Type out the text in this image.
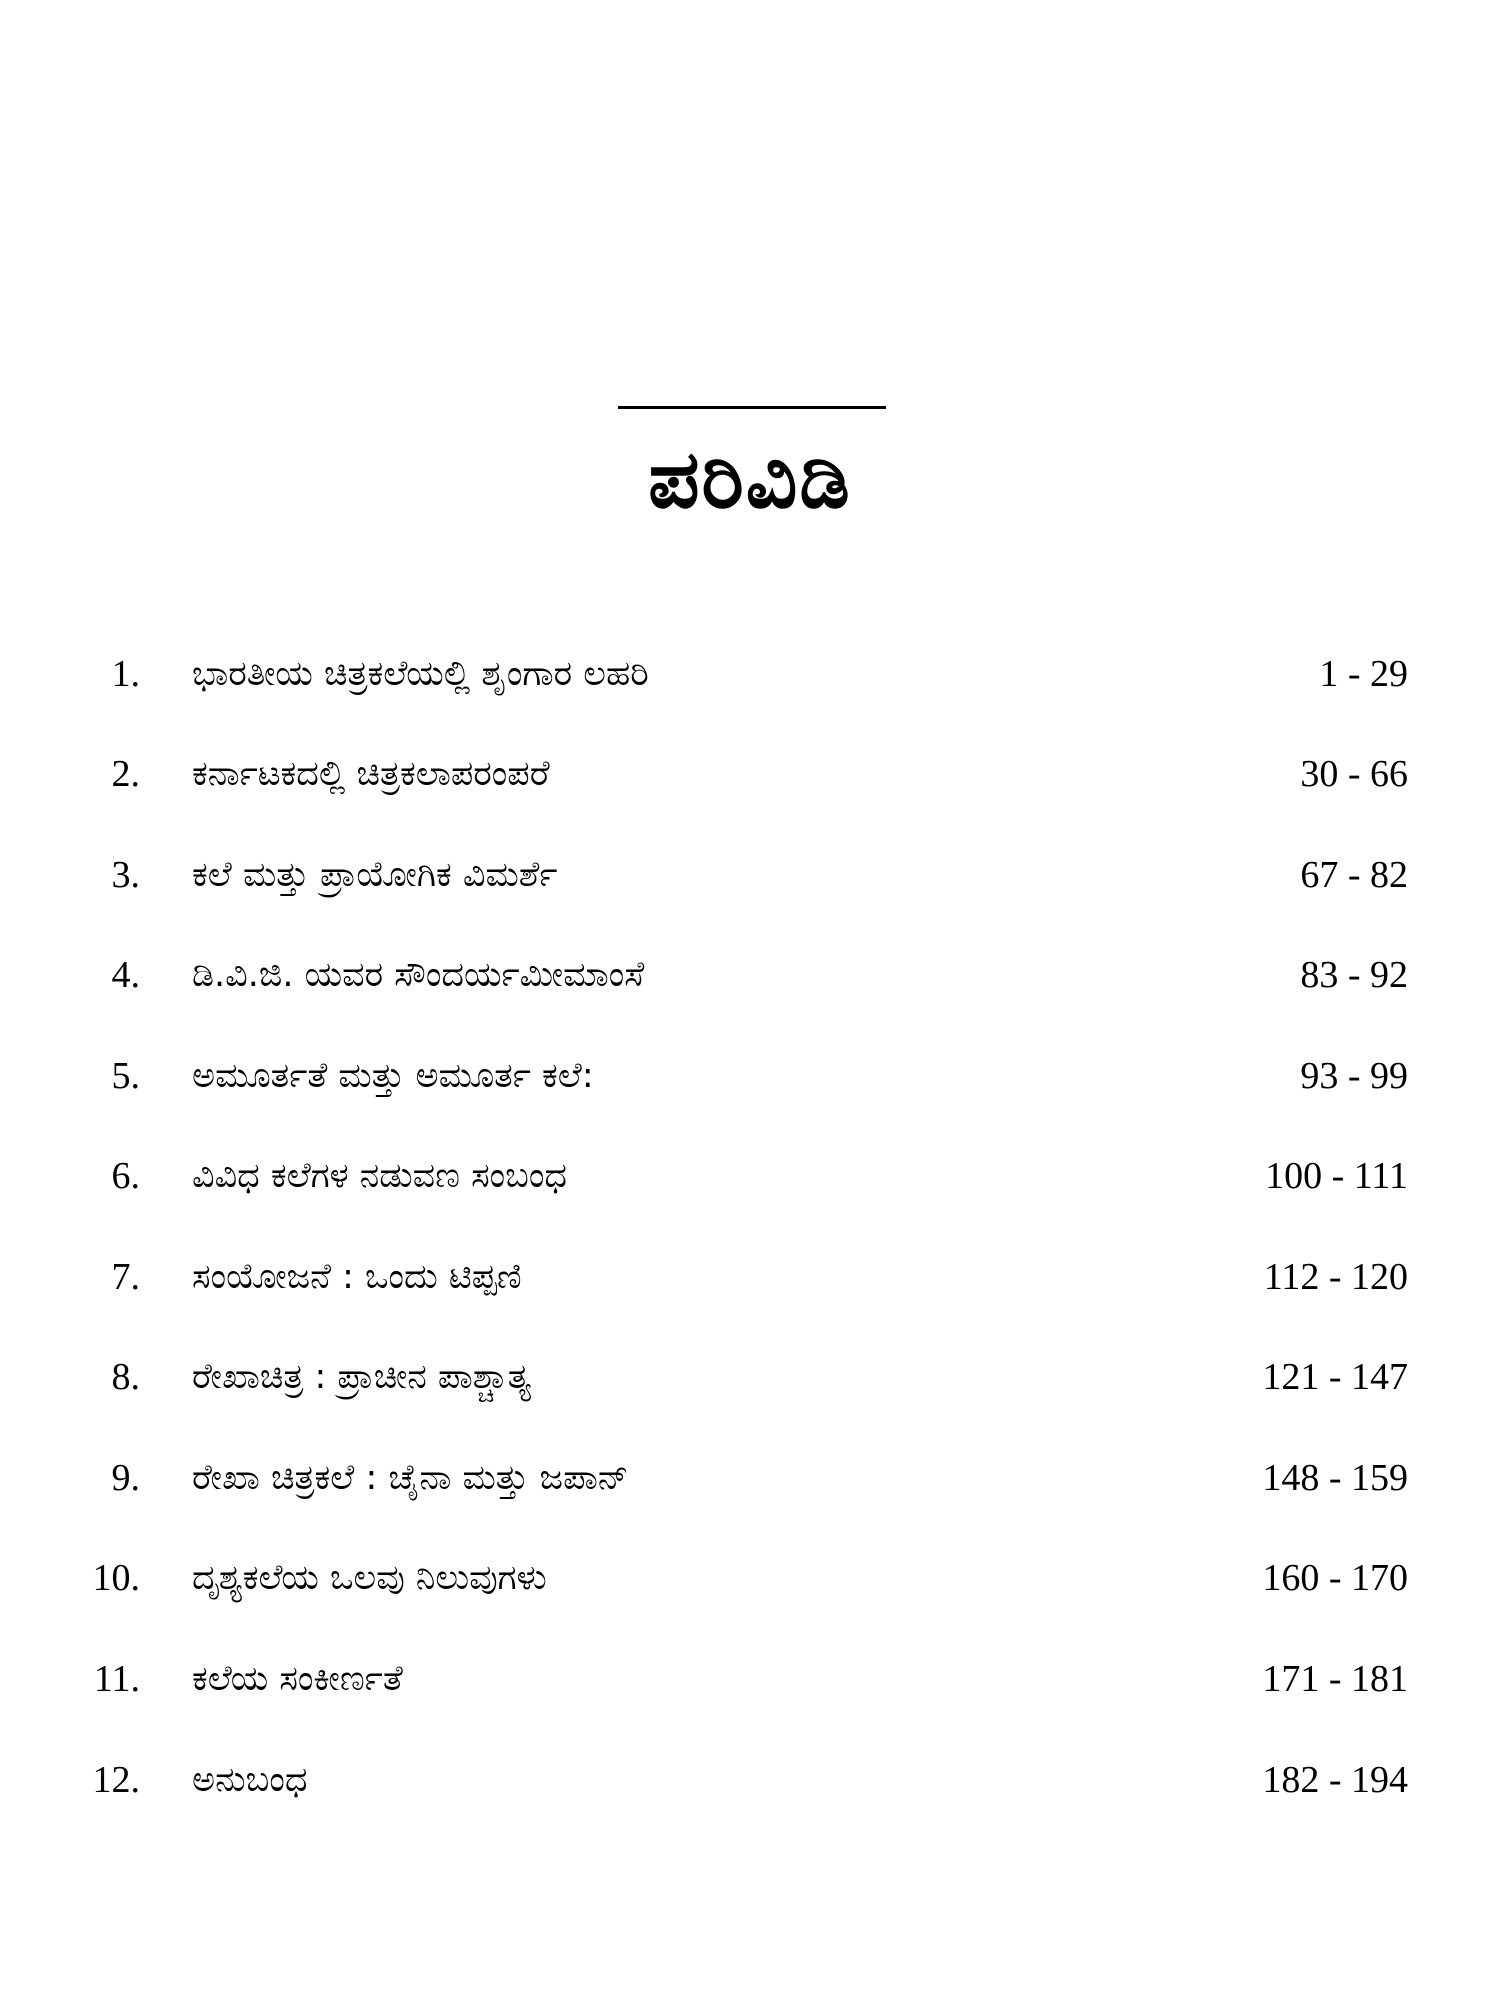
ಪರಿವಿಡಿ
1. ಭಾರತೀಯ ಚಿತ್ರಕಲೆಯಲ್ಲಿ ಶೃಂಗಾರ ಲಹರಿ	1 - 29
2. ಕರ್ನಾಟಕದಲ್ಲಿ ಚಿತ್ರಕಲಾಪರಂಪರೆ	30 - 66
3. ಕಲೆ ಮತ್ತು ಪ್ರಾಯೋಗಿಕ ವಿಮರ್ಶೆ	67 - 82
4. ಡಿ.ವಿ.ಜಿ. ಯವರ ಸೌಂದರ್ಯಮೀಮಾಂಸೆ	83 - 92
5. ಅಮೂರ್ತತೆ ಮತ್ತು ಅಮೂರ್ತ ಕಲೆ:	93 - 99
6. ವಿವಿಧ ಕಲೆಗಳ ನಡುವಣ ಸಂಬಂಧ	100 - 111
7. ಸಂಯೋಜನೆ : ಒಂದು ಟಿಪ್ಪಣಿ	112 - 120
8. ರೇಖಾಚಿತ್ರ : ಪ್ರಾಚೀನ ಪಾಶ್ಚಾತ್ಯ	121 - 147
9. ರೇಖಾ ಚಿತ್ರಕಲೆ : ಚೈನಾ ಮತ್ತು ಜಪಾನ್	148 - 159
10. ದೃಶ್ಯಕಲೆಯ ಒಲವು ನಿಲುವುಗಳು	160 - 170
11. ಕಲೆಯ ಸಂಕೀರ್ಣತೆ	171 - 181
12. ಅನುಬಂಧ	182 - 194
